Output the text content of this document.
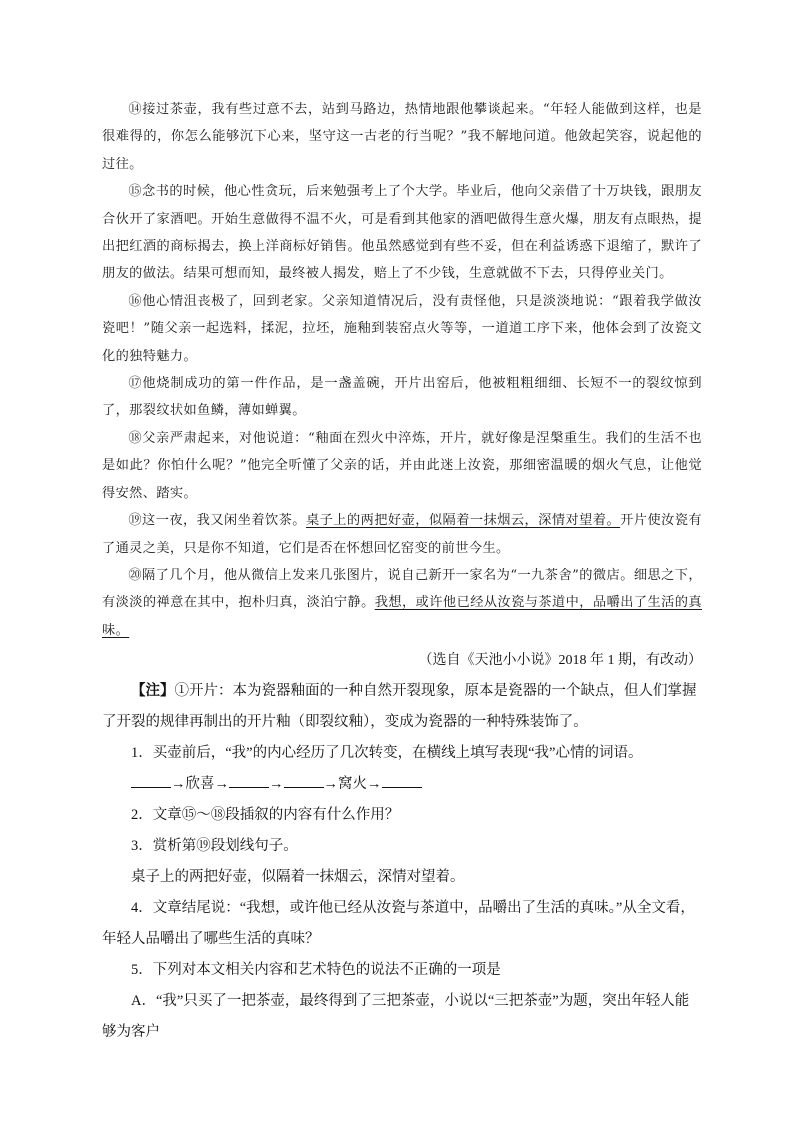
⑭接过茶壶，我有些过意不去，站到马路边，热情地跟他攀谈起来。“年轻人能做到这样，也是很难得的，你怎么能够沉下心来，坚守这一古老的行当呢？”我不解地问道。他敛起笑容，说起他的过往。

⑮念书的时候，他心性贪玩，后来勉强考上了个大学。毕业后，他向父亲借了十万块钱，跟朋友合伙开了家酒吧。开始生意做得不温不火，可是看到其他家的酒吧做得生意火爆，朋友有点眼热，提出把红酒的商标揭去，换上洋商标好销售。他虽然感觉到有些不妥，但在利益诱惑下退缩了，默许了朋友的做法。结果可想而知，最终被人揭发，赔上了不少钱，生意就做不下去，只得停业关门。

⑯他心情沮丧极了，回到老家。父亲知道情况后，没有责怪他，只是淡淡地说：“跟着我学做汝瓷吧！”随父亲一起选料，揉泥，拉坯，施釉到装窑点火等等，一道道工序下来，他体会到了汝瓷文化的独特魅力。

⑰他烧制成功的第一件作品，是一盏盖碗，开片出窑后，他被粗粗细细、长短不一的裂纹惊到了，那裂纹状如鱼鳞，薄如蝉翼。

⑱父亲严肃起来，对他说道：“釉面在烈火中淬炼，开片，就好像是涅槃重生。我们的生活不也是如此？你怕什么呢？”他完全听懂了父亲的话，并由此迷上汝瓷，那细密温暖的烟火气息，让他觉得安然、踏实。

⑲这一夜，我又闲坐着饮茶。桌子上的两把好壶，似隔着一抹烟云，深情对望着。开片使汝瓷有了通灵之美，只是你不知道，它们是否在怀想回忆窑变的前世今生。

⑳隔了几个月，他从微信上发来几张图片，说自己新开一家名为“一九茶舍”的微店。细思之下，有淡淡的禅意在其中，抱朴归真，淡泊宁静。我想，或许他已经从汝瓷与茶道中，品嚼出了生活的真味。

（选自《天池小小说》2018 年 1 期，有改动）

【注】①开片：本为瓷器釉面的一种自然开裂现象，原本是瓷器的一个缺点，但人们掌握了开裂的规律再制出的开片釉（即裂纹釉），变成为瓷器的一种特殊装饰了。

1．买壶前后，“我”的内心经历了几次转变，在横线上填写表现“我”心情的词语。

→欣喜→	→	→窝火→

2．文章⑮～⑱段插叙的内容有什么作用？

3．赏析第⑲段划线句子。

桌子上的两把好壶，似隔着一抹烟云，深情对望着。

4．文章结尾说：“我想，或许他已经从汝瓷与茶道中，品嚼出了生活的真味。”从全文看，年轻人品嚼出了哪些生活的真味？

5．下列对本文相关内容和艺术特色的说法不正确的一项是

A．“我”只买了一把茶壶，最终得到了三把茶壶，小说以“三把茶壶”为题，突出年轻人能够为客户
